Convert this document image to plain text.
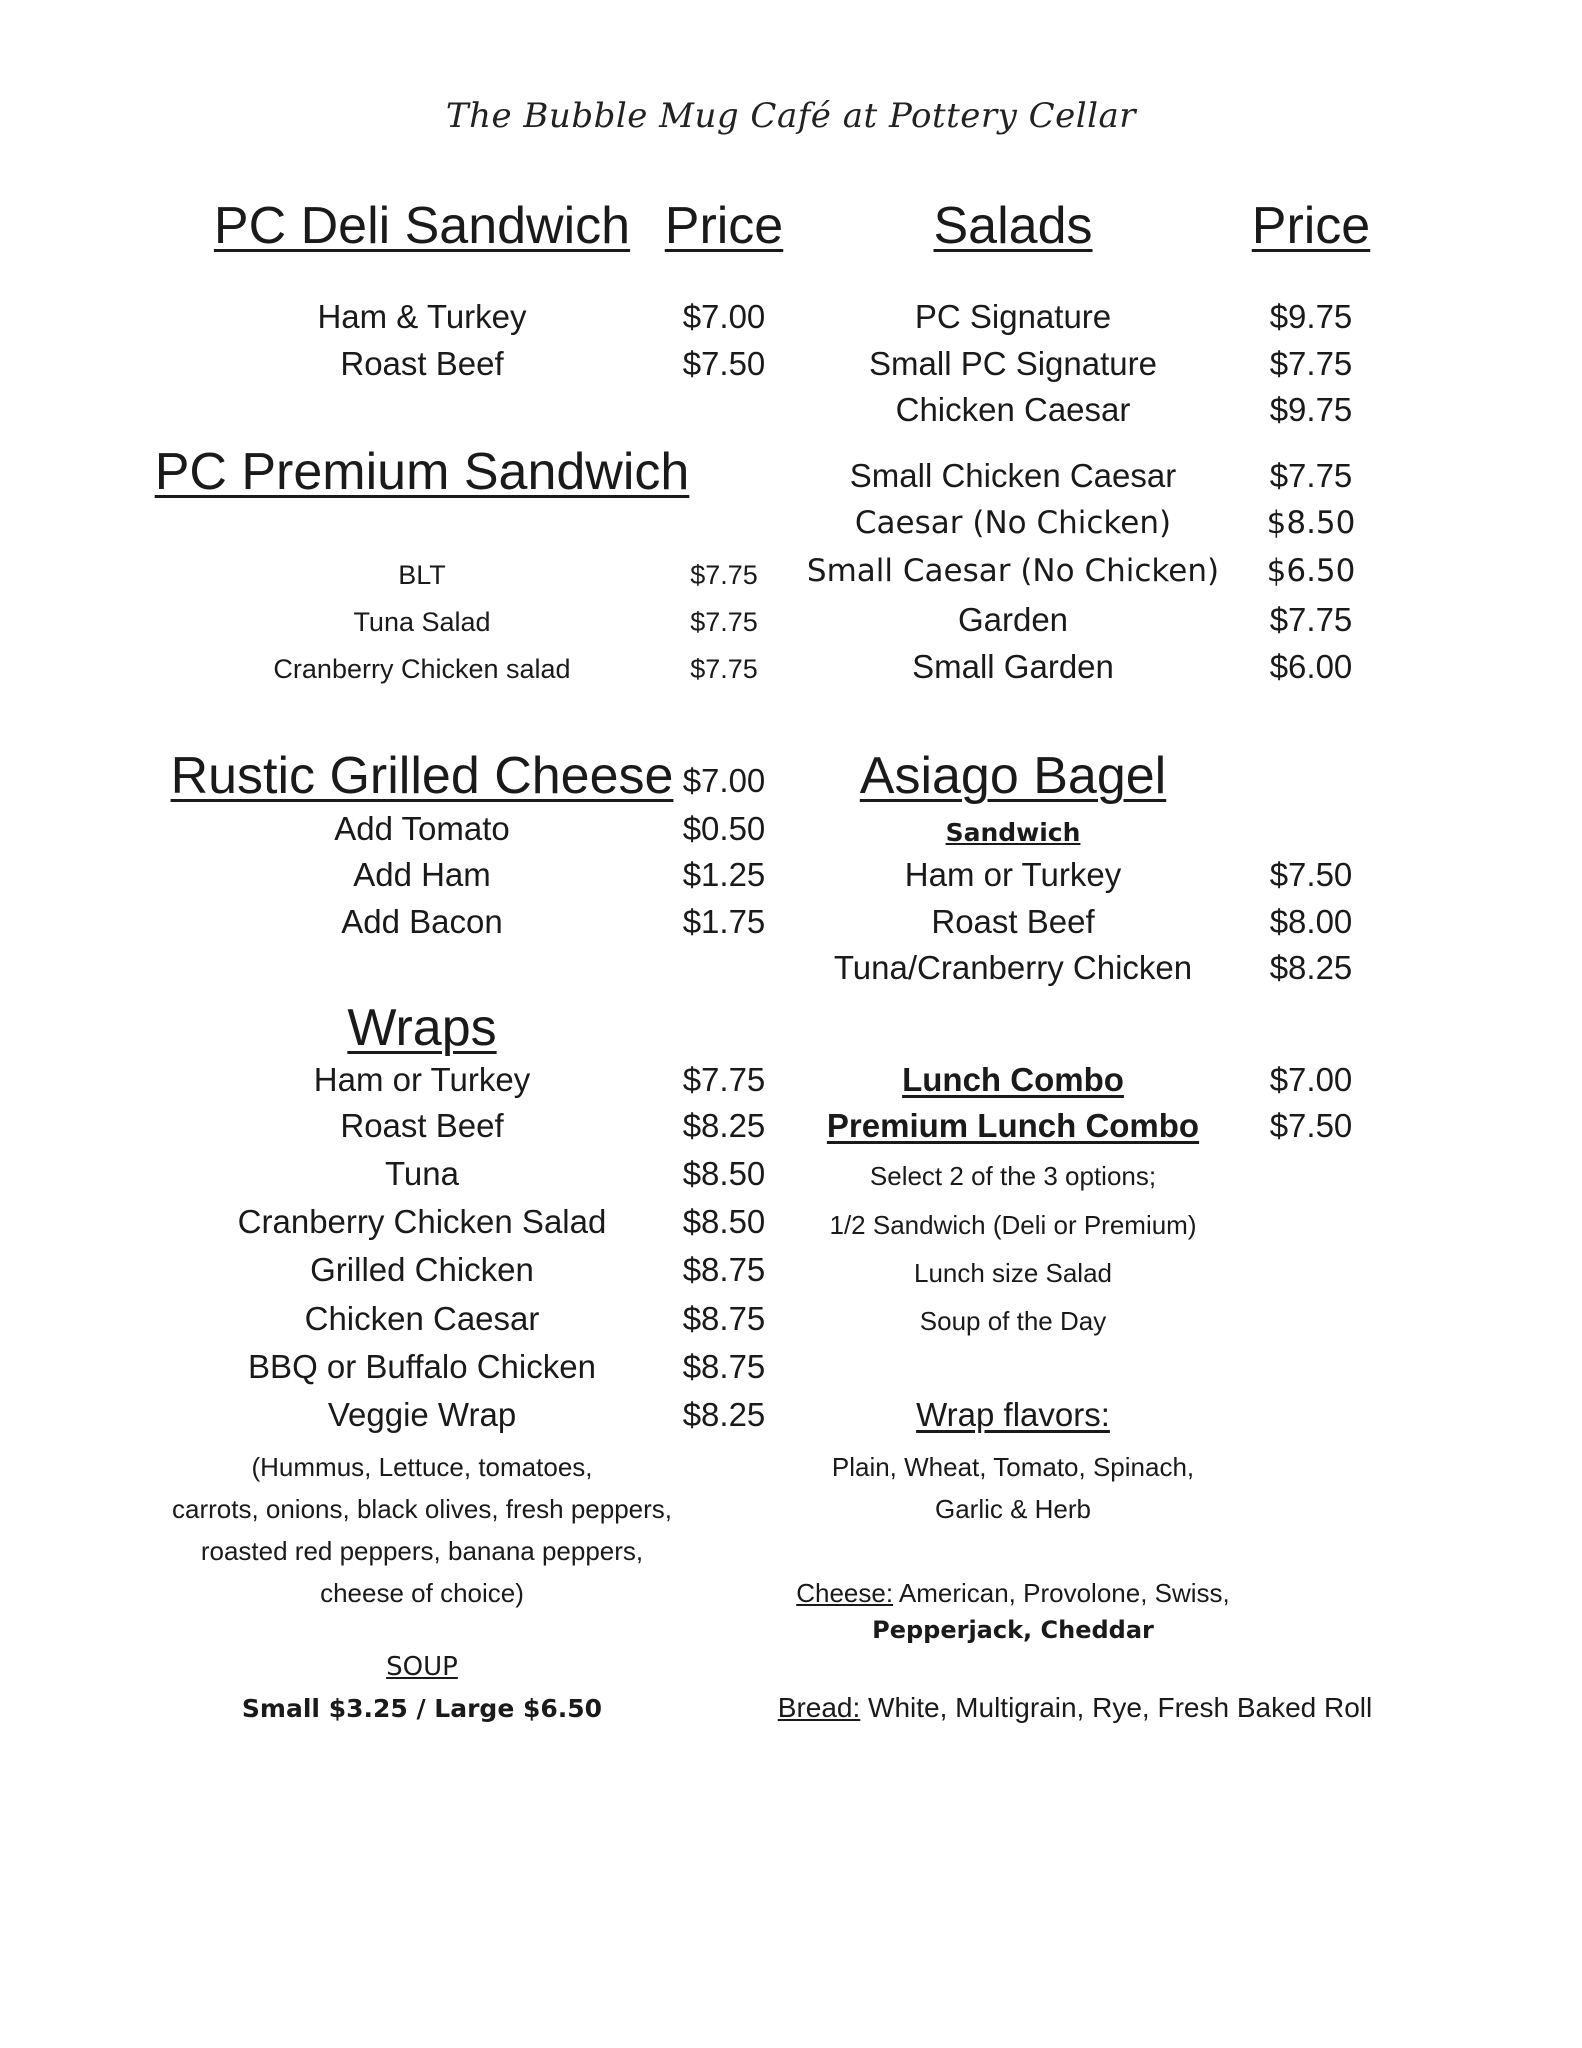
The Bubble Mug Café at Pottery Cellar
PC Deli Sandwich Price
Ham & Turkey	$7.00
Roast Beef	$7.50
PC Premium Sandwich
BLT	$7.75
Tuna Salad	$7.75
Cranberry Chicken salad	$7.75
Rustic Grilled Cheese $7.00
Add Tomato	$0.50
Add Ham	$1.25
Add Bacon	$1.75
Wraps
Ham or Turkey	$7.75
Roast Beef	$8.25
Tuna	$8.50
Cranberry Chicken Salad $8.50
Grilled Chicken	$8.75
Chicken Caesar	$8.75
BBQ or Buffalo Chicken	$8.75
Veggie Wrap	$8.25
(Hummus, Lettuce, tomatoes,
carrots, onions, black olives, fresh peppers,
roasted red peppers, banana peppers,
cheese of choice)
SOUP
Small $3.25 / Large $6.50
Salads	Price
PC Signature	$9.75
Small PC Signature	$7.75
Chicken Caesar	$9.75
Small Chicken Caesar	$7.75
Caesar (No Chicken)	$8.50
Small Caesar (No Chicken) $6.50
Garden	$7.75
Small Garden	$6.00
Asiago Bagel
Sandwich
Ham or Turkey	$7.50
Roast Beef	$8.00
Tuna/Cranberry Chicken $8.25
Lunch Combo	$7.00
Premium Lunch Combo $7.50
Select 2 of the 3 options;
1/2 Sandwich (Deli or Premium)
Lunch size Salad
Soup of the Day
Wrap flavors:
Plain, Wheat, Tomato, Spinach,
Garlic & Herb
Cheese: American, Provolone, Swiss,
Pepperjack, Cheddar
Bread: White, Multigrain, Rye, Fresh Baked Roll
